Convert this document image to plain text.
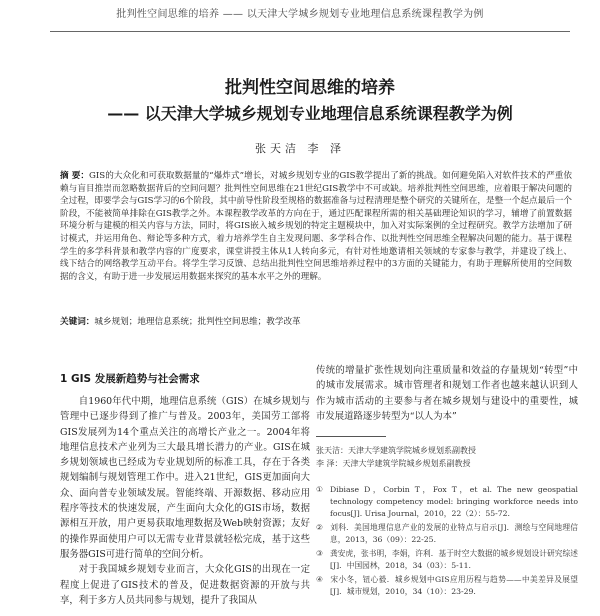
批判性空间思维的培养 —— 以天津大学城乡规划专业地理信息系统课程教学为例
批判性空间思维的培养
—— 以天津大学城乡规划专业地理信息系统课程教学为例
张天洁 李 泽
摘 要：GIS的大众化和可获取数据量的“爆炸式”增长，对城乡规划专业的GIS教学提出了新的挑战。如何避免陷入对软件技术的严重依赖与盲目推崇而忽略数据背后的空间问题？批判性空间思维在21世纪GIS教学中不可或缺。培养批判性空间思维，应着眼于解决问题的全过程，即要学会与GIS学习的6个阶段，其中前导性阶段至规格的数据准备与过程清理是整个研究的关键所在，是整一个起点最后一个阶段，不能被简单排除在GIS教学之外。本课程教学改革的方向在于，通过匹配课程所需的相关基础理论知识的学习，辅增了前置数据环境分析与建模的相关内容与方法，同时，将GIS嵌入城乡规划的特定主题模块中，加入对实际案例的全过程研究。教学方法增加了研讨模式，并运用角色、辩论等多种方式，着力培养学生自主发现问题、多学科合作、以批判性空间思维全程解决问题的能力。基于课程学生的多学科背景和教学内容的广度要求，课堂讲授主体从1人转向多元，有针对性地邀请相关领域的专家参与教学，并建设了线上、线下结合的网络教学互动平台。将学生学习反馈、总结出批判性空间思维培养过程中的3方面的关键能力，有助于理解所使用的空间数据的含义，有助于进一步发展运用数据来探究的基本水平之外的理解。
关键词：城乡规划；地理信息系统；批判性空间思维；教学改革
1 GIS 发展新趋势与社会需求

自1960年代中期，地理信息系统（GIS）在城乡规划与管理中已逐步得到了推广与普及。2003年，美国劳工部将GIS发展列为14个重点关注的高增长产业之一。2004年将地理信息技术产业列为三大最具增长潜力的产业。GIS在城乡规划领域也已经成为专业规划所的标准工具，存在于各类规划编制与规划管理工作中。进入21世纪，GIS更加面向大众、面向普专业领域发展。智能终端、开源数据、移动应用程序等技术的快速发展，产生面向大众化的GIS市场，数据源相互开放，用户更易获取地理数据及Web映射资源；友好的操作界面使用户可以无需专业背景就轻松完成，基于这些服务器GIS可进行简单的空间分析。

对于我国城乡规划专业而言，大众化GIS的出现在一定程度上促进了GIS技术的普及，促进数据资源的开放与共享，利于多方人员共同参与规划，提升了我国从

传统的增量扩张性规划向注重质量和效益的存量规划“转型”中的城市发展需求。城市管理者和规划工作者也越来越认识到人作为城市活动的主要参与者在城乡规划与建设中的重要性，城市发展道路逐步转型为“以人为本”

张天洁：天津大学建筑学院城乡规划系副教授
李 泽：天津大学建筑学院城乡规划系副教授
① Dibiase D，Corbin T，Fox T，et al. The new geospatial technology competency model: bringing workforce needs into focus[J]. Urisa Journal，2010，22（2）：55-72.
② 刘科．美国地理信息产业的发展的业特点与启示[J]．测绘与空间地理信息，2013，36（09）：22-25.
③ 龚安虎，张书明，李娟，许利．基于时空大数据的城乡规划设计研究综述[J]．中国园林，2018，34（03）：5-11.
④ 宋小冬，钮心毅．城乡规划中GIS应用历程与趋势——中美差异及展望[J]．城市规划，2010，34（10）：23-29.
